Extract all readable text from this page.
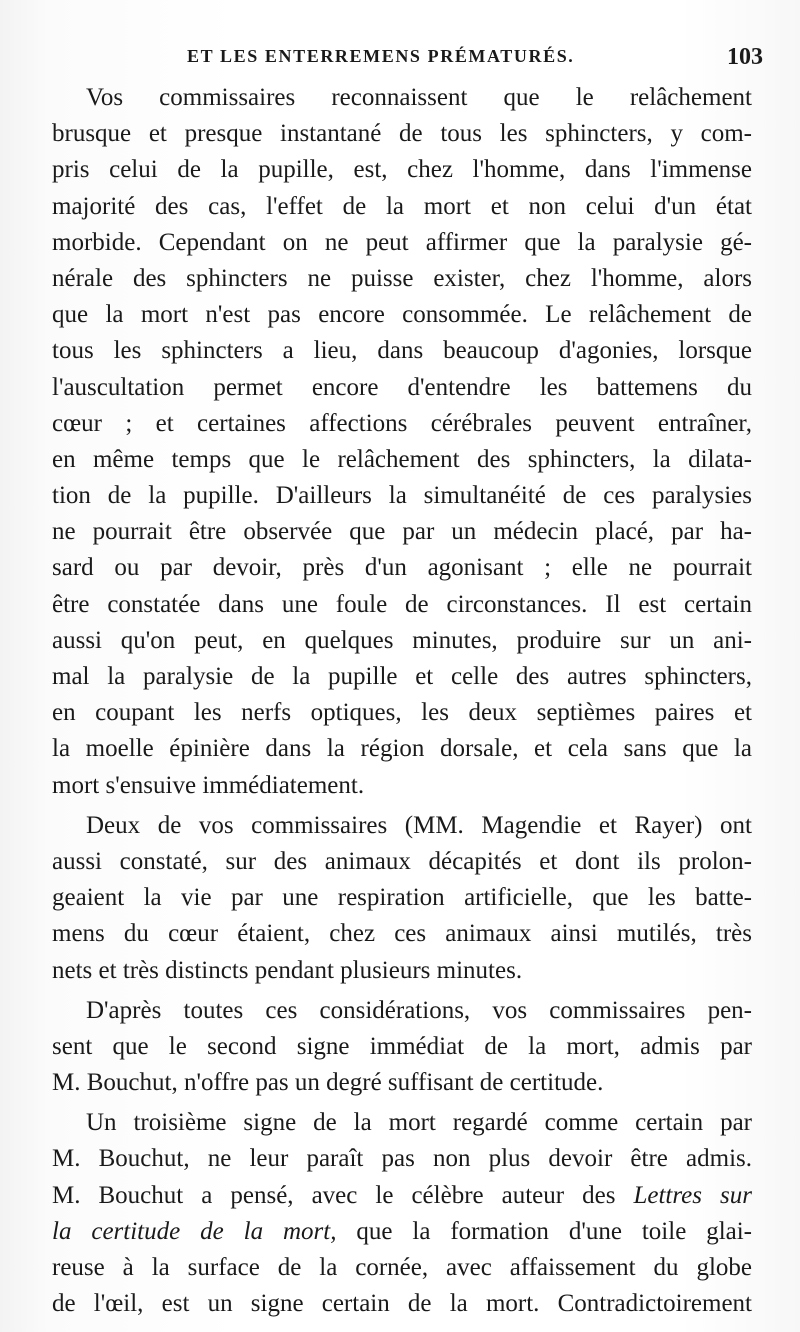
ET LES ENTERREMENS PRÉMATURÉS.	103
Vos commissaires reconnaissent que le relâchement
brusque et presque instantané de tous les sphincters, y com-
pris celui de la pupille, est, chez l'homme, dans l'immense
majorité des cas, l'effet de la mort et non celui d'un état
morbide. Cependant on ne peut affirmer que la paralysie gé-
nérale des sphincters ne puisse exister, chez l'homme, alors
que la mort n'est pas encore consommée. Le relâchement de
tous les sphincters a lieu, dans beaucoup d'agonies, lorsque
l'auscultation permet encore d'entendre les battemens du
cœur ; et certaines affections cérébrales peuvent entraîner,
en même temps que le relâchement des sphincters, la dilata-
tion de la pupille. D'ailleurs la simultanéité de ces paralysies
ne pourrait être observée que par un médecin placé, par ha-
sard ou par devoir, près d'un agonisant ; elle ne pourrait
être constatée dans une foule de circonstances. Il est certain
aussi qu'on peut, en quelques minutes, produire sur un ani-
mal la paralysie de la pupille et celle des autres sphincters,
en coupant les nerfs optiques, les deux septièmes paires et
la moelle épinière dans la région dorsale, et cela sans que la
mort s'ensuive immédiatement.
Deux de vos commissaires (MM. Magendie et Rayer) ont
aussi constaté, sur des animaux décapités et dont ils prolon-
geaient la vie par une respiration artificielle, que les batte-
mens du cœur étaient, chez ces animaux ainsi mutilés, très
nets et très distincts pendant plusieurs minutes.
D'après toutes ces considérations, vos commissaires pen-
sent que le second signe immédiat de la mort, admis par
M. Bouchut, n'offre pas un degré suffisant de certitude.
Un troisième signe de la mort regardé comme certain par
M. Bouchut, ne leur paraît pas non plus devoir être admis.
M. Bouchut a pensé, avec le célèbre auteur des Lettres sur
la certitude de la mort, que la formation d'une toile glai-
reuse à la surface de la cornée, avec affaissement du globe
de l'œil, est un signe certain de la mort. Contradictoirement
